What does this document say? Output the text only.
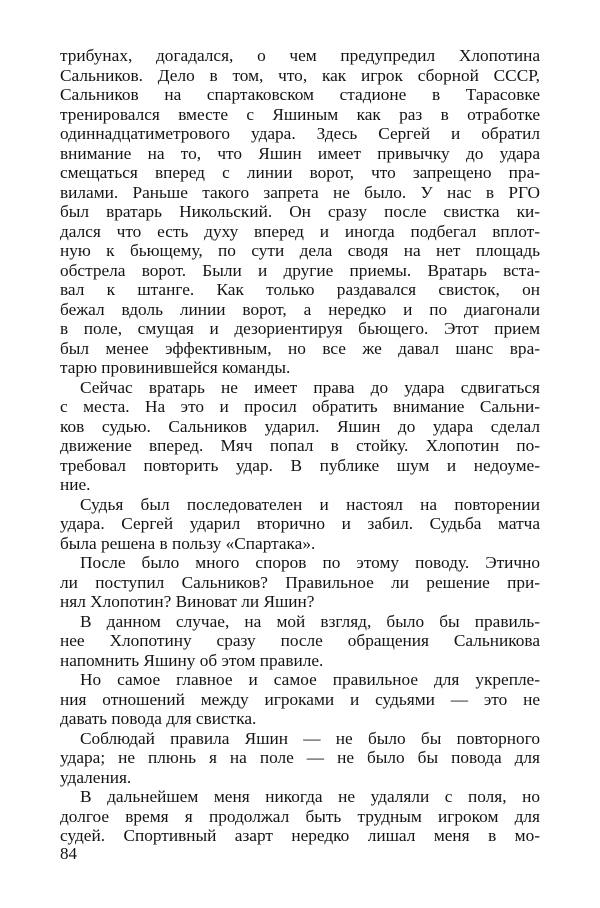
трибунах, догадался, о чем предупредил Хлопотина
Сальников. Дело в том, что, как игрок сборной СССР,
Сальников на спартаковском стадионе в Тарасовке
тренировался вместе с Яшиным как раз в отработке
одиннадцатиметрового удара. Здесь Сергей и обратил
внимание на то, что Яшин имеет привычку до удара
смещаться вперед с линии ворот, что запрещено пра-
вилами. Раньше такого запрета не было. У нас в РГО
был вратарь Никольский. Он сразу после свистка ки-
дался что есть духу вперед и иногда подбегал вплот-
ную к бьющему, по сути дела сводя на нет площадь
обстрела ворот. Были и другие приемы. Вратарь вста-
вал к штанге. Как только раздавался свисток, он
бежал вдоль линии ворот, а нередко и по диагонали
в поле, смущая и дезориентируя бьющего. Этот прием
был менее эффективным, но все же давал шанс вра-
тарю провинившейся команды.
Сейчас вратарь не имеет права до удара сдвигаться
с места. На это и просил обратить внимание Сальни-
ков судью. Сальников ударил. Яшин до удара сделал
движение вперед. Мяч попал в стойку. Хлопотин по-
требовал повторить удар. В публике шум и недоуме-
ние.
Судья был последователен и настоял на повторении
удара. Сергей ударил вторично и забил. Судьба матча
была решена в пользу «Спартака».
После было много споров по этому поводу. Этично
ли поступил Сальников? Правильное ли решение при-
нял Хлопотин? Виноват ли Яшин?
В данном случае, на мой взгляд, было бы правиль-
нее Хлопотину сразу после обращения Сальникова
напомнить Яшину об этом правиле.
Но самое главное и самое правильное для укрепле-
ния отношений между игроками и судьями — это не
давать повода для свистка.
Соблюдай правила Яшин — не было бы повторного
удара; не плюнь я на поле — не было бы повода для
удаления.
В дальнейшем меня никогда не удаляли с поля, но
долгое время я продолжал быть трудным игроком для
судей. Спортивный азарт нередко лишал меня в мо-
84
